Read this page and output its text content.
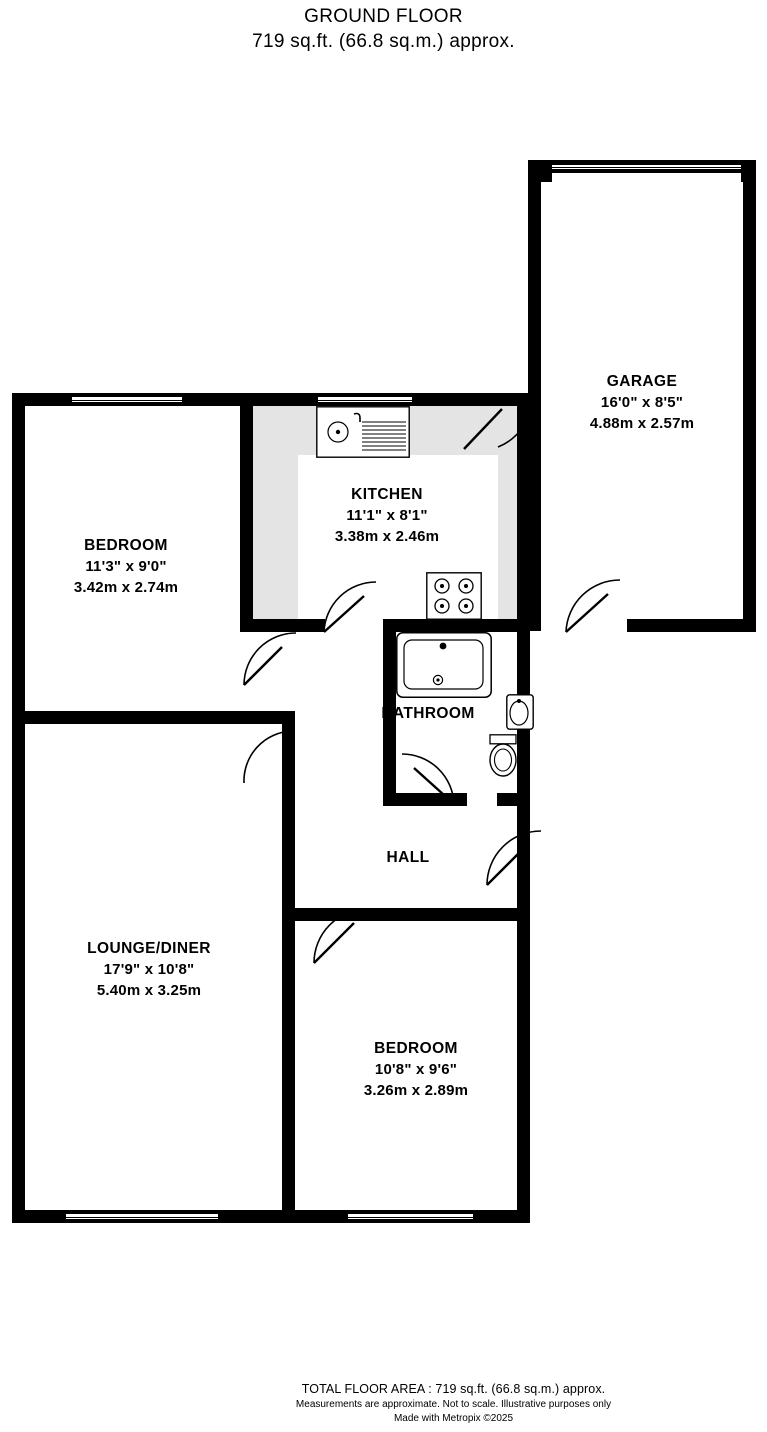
GROUND FLOOR
719 sq.ft. (66.8 sq.m.) approx.
BEDROOM
11'3" x 9'0"
3.42m x 2.74m
KITCHEN
11'1" x 8'1"
3.38m x 2.46m
GARAGE
16'0" x 8'5"
4.88m x 2.57m
BATHROOM
HALL
LOUNGE/DINER
17'9" x 10'8"
5.40m x 3.25m
BEDROOM
10'8" x 9'6"
3.26m x 2.89m
TOTAL FLOOR AREA : 719 sq.ft. (66.8 sq.m.) approx.
Measurements are approximate. Not to scale. Illustrative purposes only
Made with Metropix ©2025
